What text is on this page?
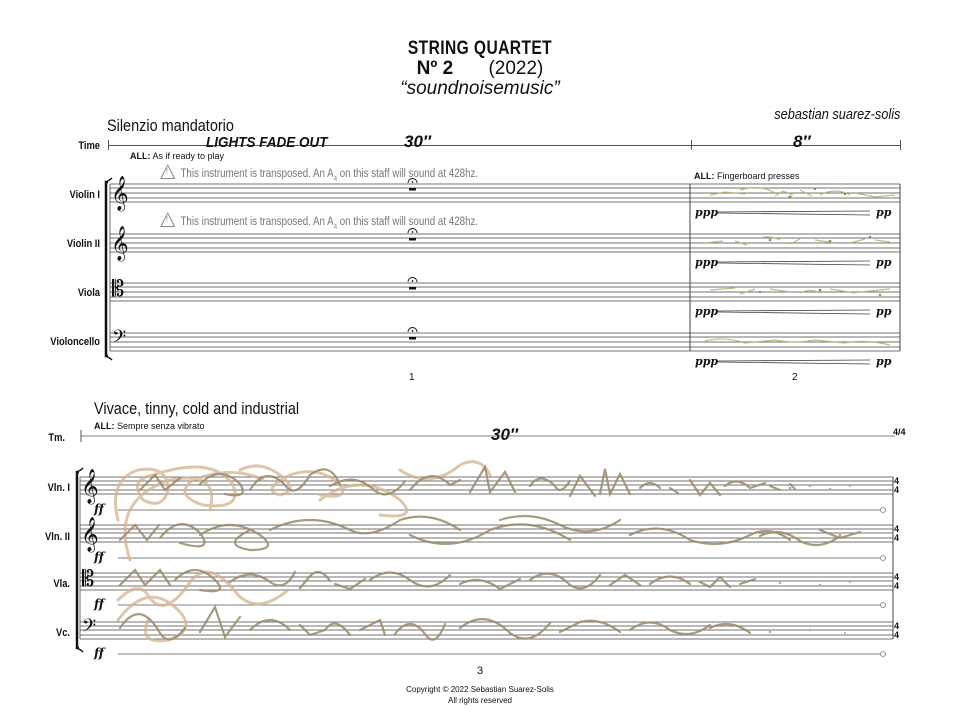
STRING QUARTET
Nº 2 (2022)
“soundnoisemusic”
sebastian suarez-solis
Silenzio mandatorio
Time	LIGHTS FADE OUT	30″	8″
ALL: As if ready to play
! This instrument is transposed. An $A_4$ on this staff will sound at 428hz.
! This instrument is transposed. An $A_4$ on this staff will sound at 428hz.
ALL: Fingerboard presses
Violin I
Violin II
Viola
Violoncello
𝄞
𝄞
𝄡
𝄢
ppp	pp
ppp	pp
ppp	pp
ppp	pp
1	2
Vivace, tinny, cold and industrial
ALL: Sempre senza vibrato
Tm.	30″
Vln. I
Vln. II
Vla.
Vc.
𝄞
𝄞
𝄡
𝄢
ff
ff
ff
ff
4/4
4
4
4
4
4
4
4
4
3
Copyright © 2022 Sebastian Suarez-Solis
All rights reserved
